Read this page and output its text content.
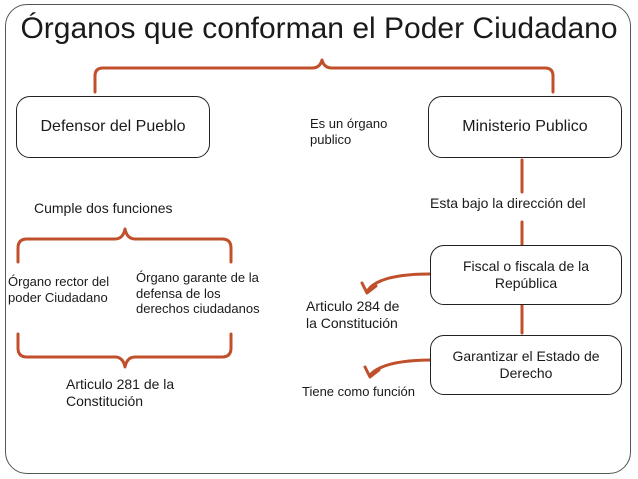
Órganos que conforman el Poder Ciudadano
Defensor del Pueblo	Ministerio Publico
Es un órgano
publico
Cumple dos funciones	Esta bajo la dirección del
Órgano rector del
poder Ciudadano
Órgano garante de la
defensa de los
derechos ciudadanos
Fiscal o fiscala de la
República
Articulo 284 de
la Constitución
Garantizar el Estado de
Derecho
Articulo 281 de la
Constitución
Tiene como función
